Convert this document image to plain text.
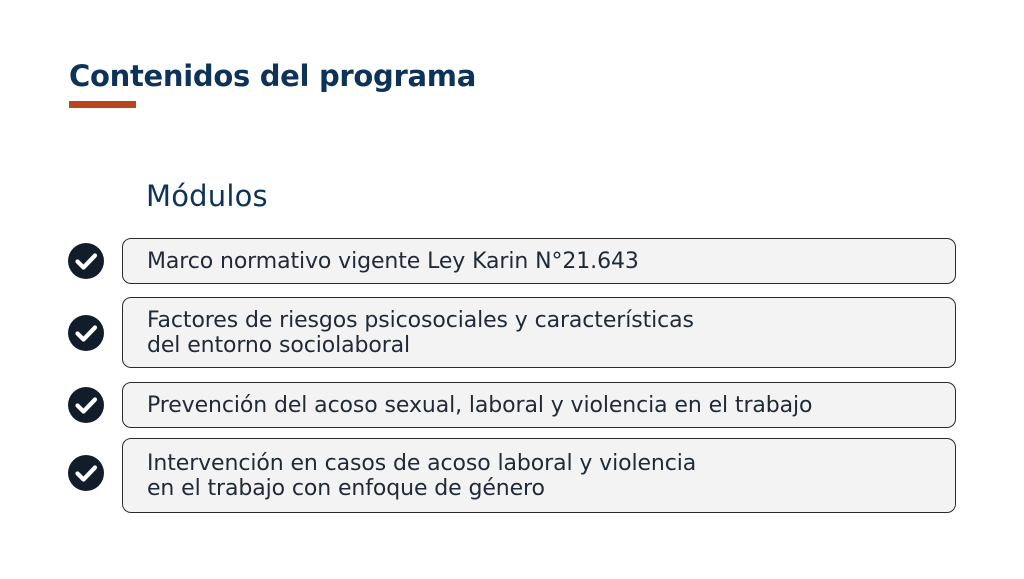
Contenidos del programa
Módulos
Marco normativo vigente Ley Karin N°21.643
Factores de riesgos psicosociales y características
del entorno sociolaboral
Prevención del acoso sexual, laboral y violencia en el trabajo
Intervención en casos de acoso laboral y violencia
en el trabajo con enfoque de género
